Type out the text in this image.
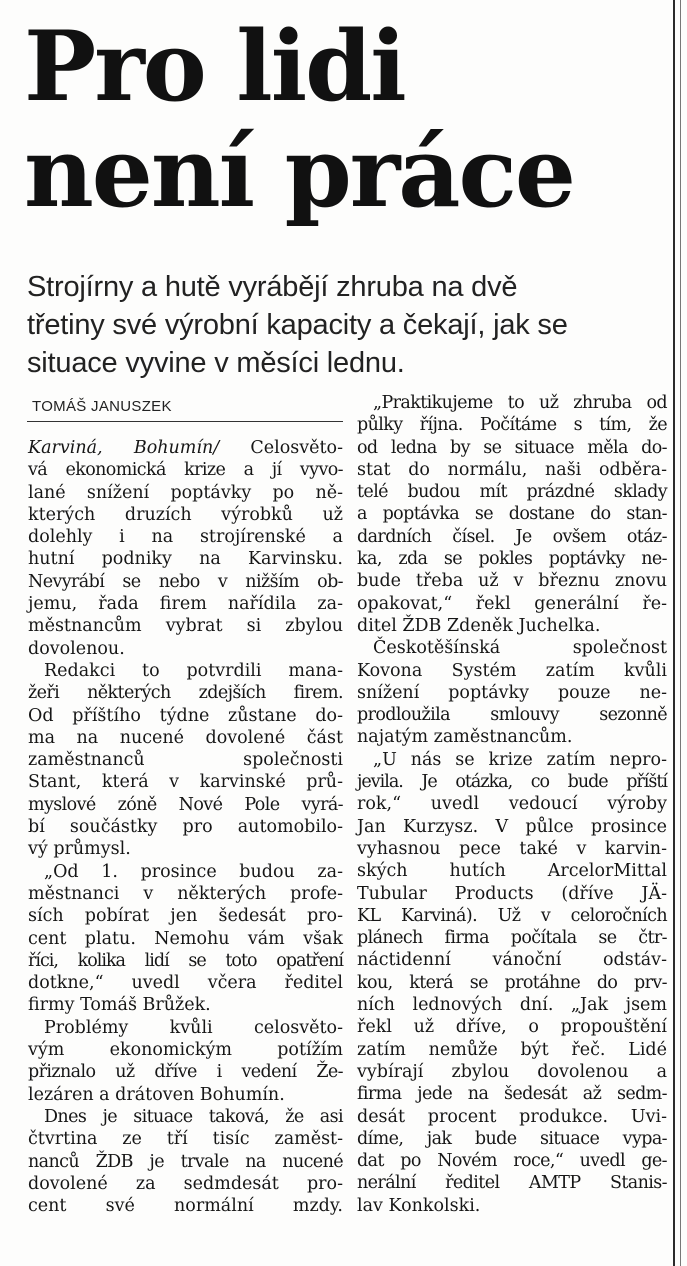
Pro lidi
není práce

Strojírny a hutě vyrábějí zhruba na dvě
třetiny své výrobní kapacity a čekají, jak se
situace vyvine v měsíci lednu.

TOMÁŠ JANUSZEK
Karviná, Bohumín/ Celosvěto-
vá ekonomická krize a jí vyvo-
lané snížení poptávky po ně-
kterých druzích výrobků už
dolehly i na strojírenské a
hutní podniky na Karvinsku.
Nevyrábí se nebo v nižším ob-
jemu, řada firem nařídila za-
městnancům vybrat si zbylou
dovolenou.
Redakci to potvrdili mana-
žeři některých zdejších firem.
Od příštího týdne zůstane do-
ma na nucené dovolené část
zaměstnanců společnosti
Stant, která v karvinské prů-
myslové zóně Nové Pole vyrá-
bí součástky pro automobilo-
vý průmysl.
„Od 1. prosince budou za-
městnanci v některých profe-
sích pobírat jen šedesát pro-
cent platu. Nemohu vám však
říci, kolika lidí se toto opatření
dotkne,“ uvedl včera ředitel
firmy Tomáš Brůžek.
Problémy kvůli celosvěto-
vým ekonomickým potížím
přiznalo už dříve i vedení Že-
lezáren a drátoven Bohumín.
Dnes je situace taková, že asi
čtvrtina ze tří tisíc zaměst-
nanců ŽDB je trvale na nucené
dovolené za sedmdesát pro-
cent své normální mzdy.
„Praktikujeme to už zhruba od
půlky října. Počítáme s tím, že
od ledna by se situace měla do-
stat do normálu, naši odběra-
telé budou mít prázdné sklady
a poptávka se dostane do stan-
dardních čísel. Je ovšem otáz-
ka, zda se pokles poptávky ne-
bude třeba už v březnu znovu
opakovat,“ řekl generální ře-
ditel ŽDB Zdeněk Juchelka.
Českotěšínská společnost
Kovona Systém zatím kvůli
snížení poptávky pouze ne-
prodloužila smlouvy sezonně
najatým zaměstnancům.
„U nás se krize zatím nepro-
jevila. Je otázka, co bude příští
rok,“ uvedl vedoucí výroby
Jan Kurzysz. V půlce prosince
vyhasnou pece také v karvin-
ských hutích ArcelorMittal
Tubular Products (dříve JÄ-
KL Karviná). Už v celoročních
plánech firma počítala se čtr-
náctidenní vánoční odstáv-
kou, která se protáhne do prv-
ních lednových dní. „Jak jsem
řekl už dříve, o propouštění
zatím nemůže být řeč. Lidé
vybírají zbylou dovolenou a
firma jede na šedesát až sedm-
desát procent produkce. Uvi-
díme, jak bude situace vypa-
dat po Novém roce,“ uvedl ge-
nerální ředitel AMTP Stanis-
lav Konkolski.
